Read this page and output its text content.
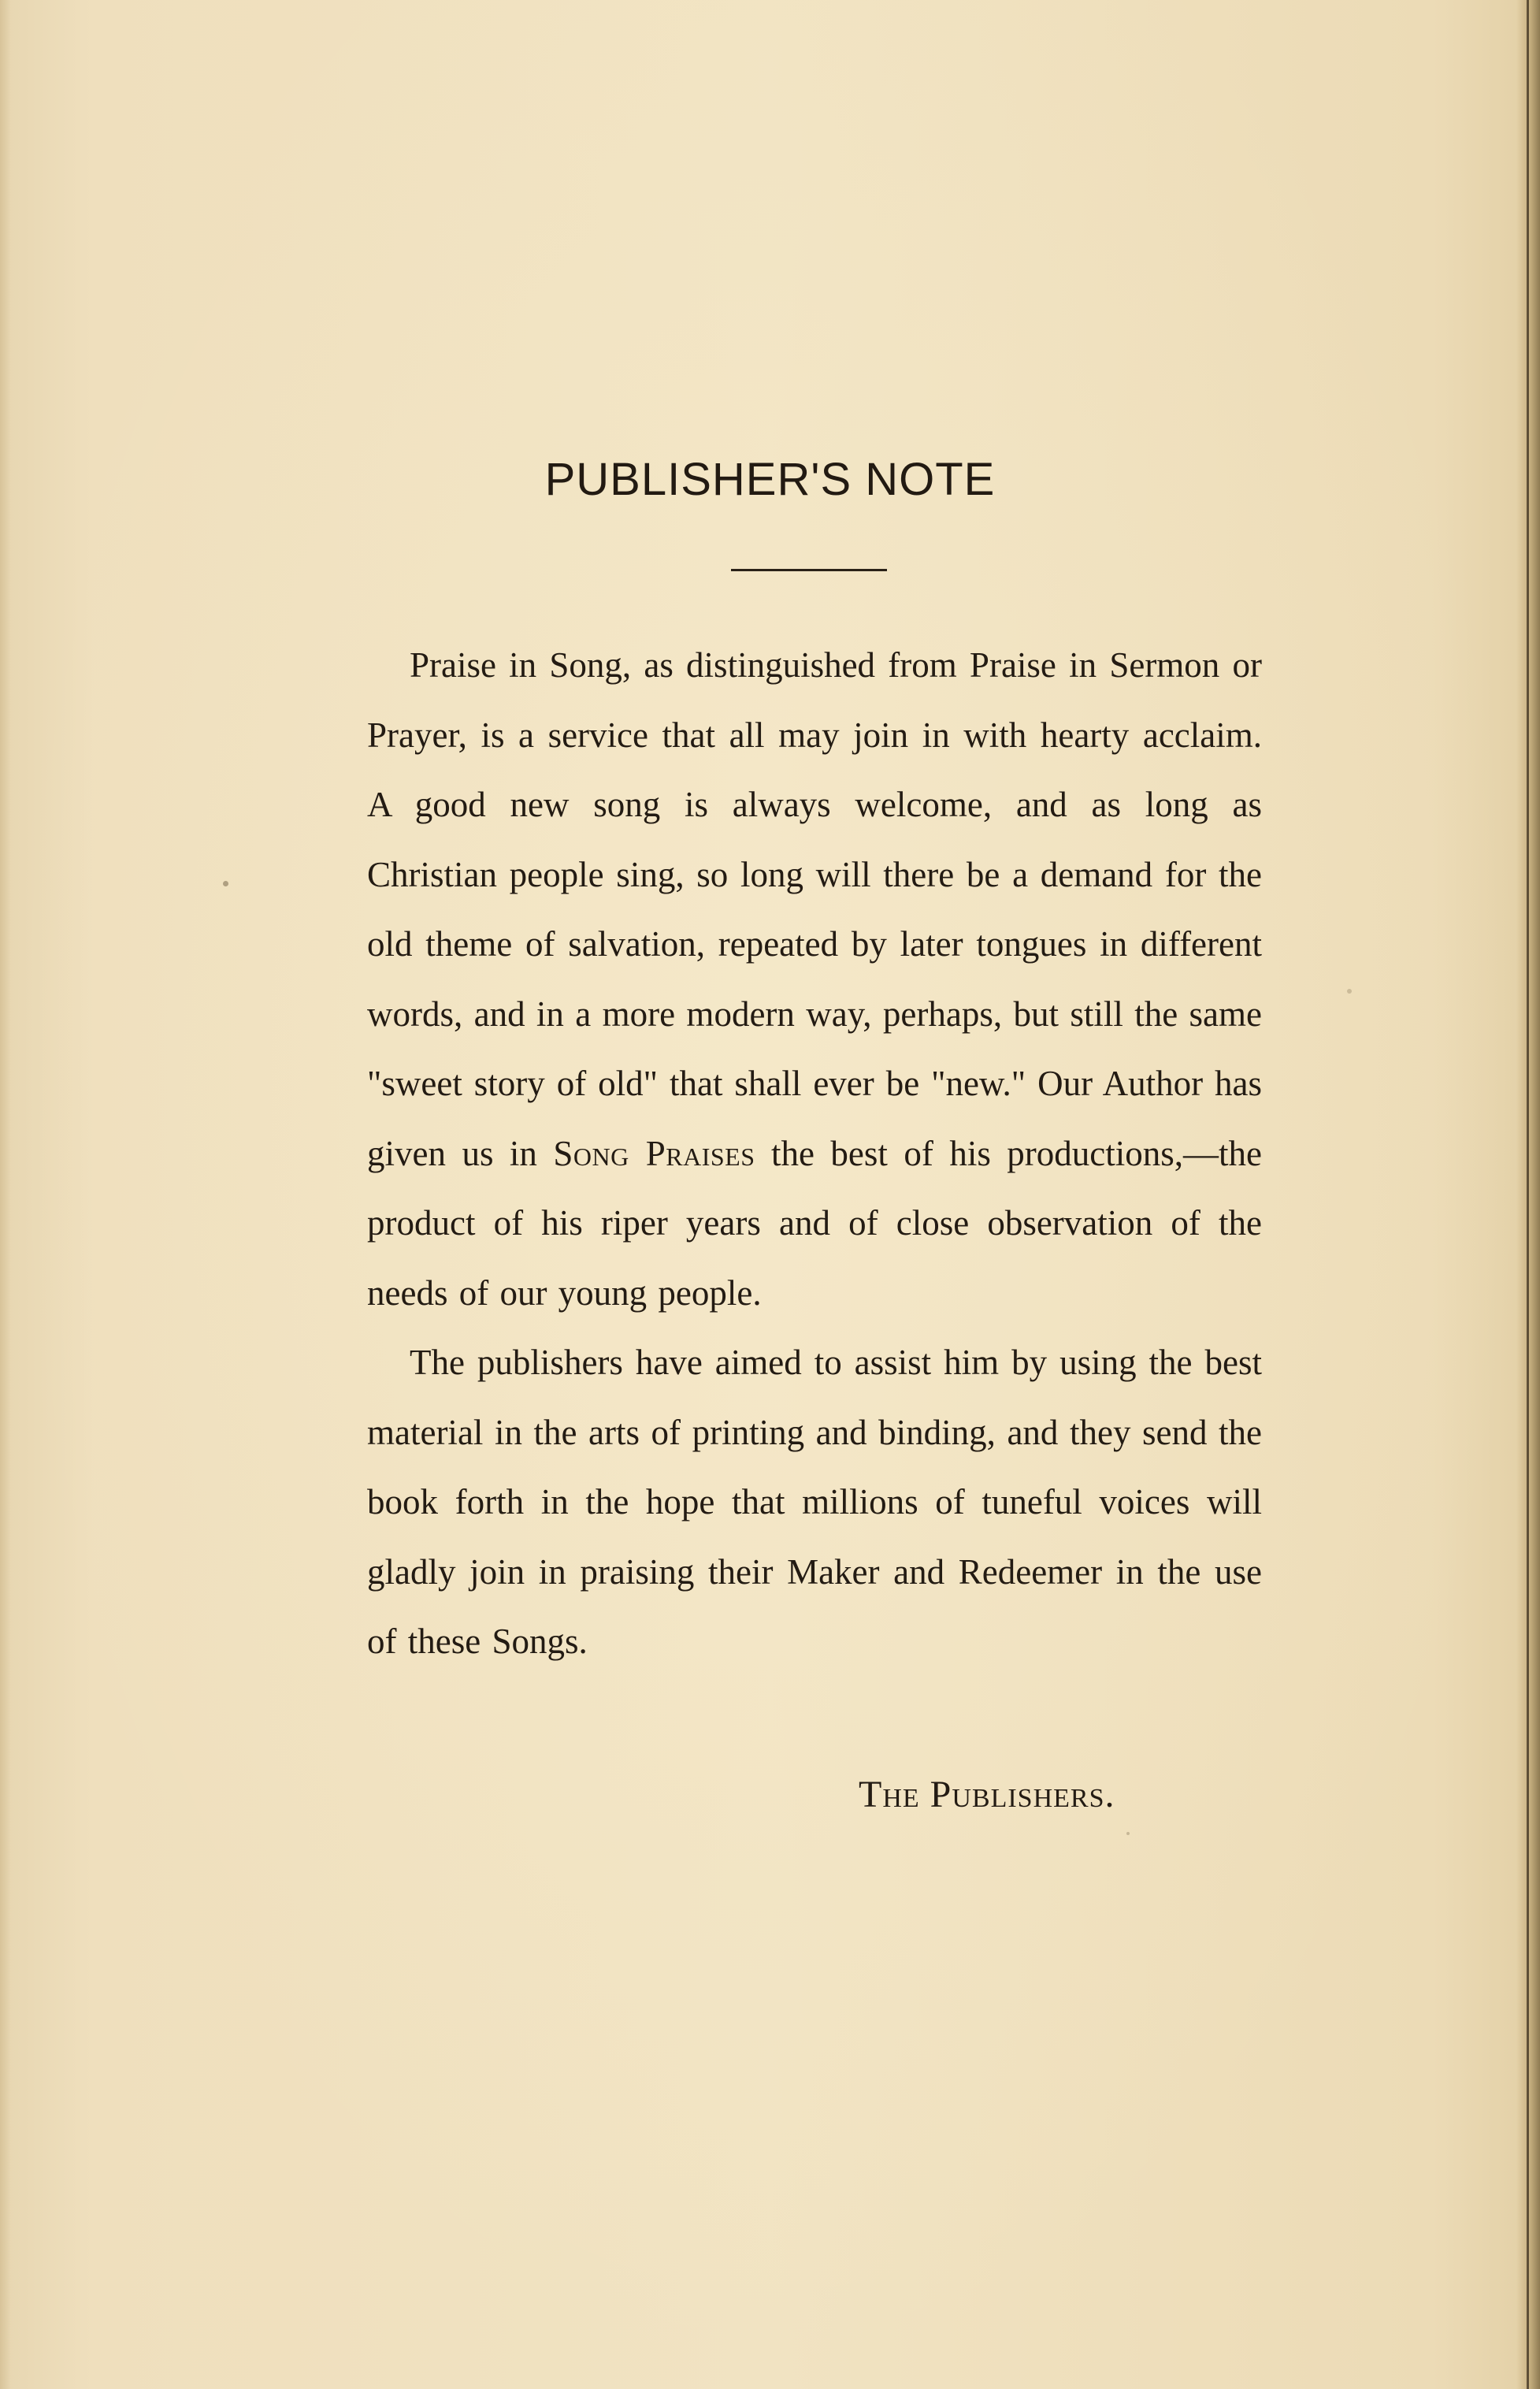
PUBLISHER'S NOTE

Praise in Song, as distinguished from Praise in Sermon or Prayer, is a service that all may join in with hearty acclaim. A good new song is always welcome, and as long as Christian people sing, so long will there be a demand for the old theme of salvation, repeated by later tongues in different words, and in a more modern way, perhaps, but still the same "sweet story of old" that shall ever be "new." Our Author has given us in Song Praises the best of his productions,—the product of his riper years and of close observation of the needs of our young people.

The publishers have aimed to assist him by using the best material in the arts of printing and binding, and they send the book forth in the hope that millions of tuneful voices will gladly join in praising their Maker and Redeemer in the use of these Songs.

The Publishers.
